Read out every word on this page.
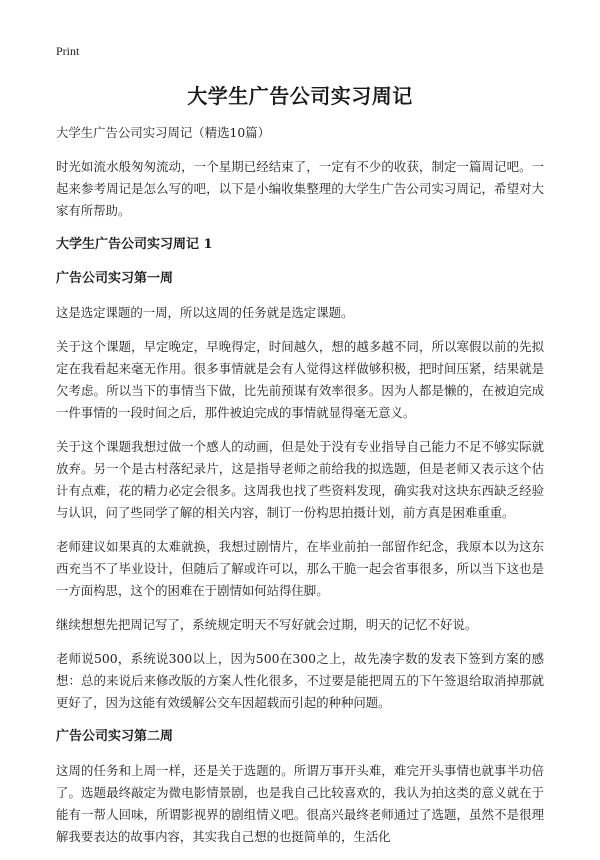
Print
大学生广告公司实习周记

大学生广告公司实习周记（精选10篇）

时光如流水般匆匆流动，一个星期已经结束了，一定有不少的收获，制定一篇周记吧。一起来参考周记是怎么写的吧，以下是小编收集整理的大学生广告公司实习周记，希望对大家有所帮助。

大学生广告公司实习周记 1
广告公司实习第一周

这是选定课题的一周，所以这周的任务就是选定课题。

关于这个课题，早定晚定，早晚得定，时间越久，想的越多越不同，所以寒假以前的先拟定在我看起来毫无作用。很多事情就是会有人觉得这样做够积极，把时间压紧，结果就是欠考虑。所以当下的事情当下做，比先前预谋有效率很多。因为人都是懒的，在被迫完成一件事情的一段时间之后，那件被迫完成的事情就显得毫无意义。

关于这个课题我想过做一个感人的动画，但是处于没有专业指导自己能力不足不够实际就放弃。另一个是古村落纪录片，这是指导老师之前给我的拟选题，但是老师又表示这个估计有点难，花的精力必定会很多。这周我也找了些资料发现，确实我对这块东西缺乏经验与认识，问了些同学了解的相关内容，制订一份构思拍摄计划，前方真是困难重重。

老师建议如果真的太难就换，我想过剧情片，在毕业前拍一部留作纪念，我原本以为这东西充当不了毕业设计，但随后了解或许可以，那么干脆一起会省事很多，所以当下这也是一方面构思，这个的困难在于剧情如何站得住脚。

继续想想先把周记写了，系统规定明天不写好就会过期，明天的记忆不好说。

老师说500，系统说300以上，因为500在300之上，故先凑字数的发表下签到方案的感想：总的来说后来修改版的方案人性化很多，不过要是能把周五的下午签退给取消掉那就更好了，因为这能有效缓解公交车因超载而引起的种种问题。

广告公司实习第二周

这周的任务和上周一样，还是关于选题的。所谓万事开头难，难完开头事情也就事半功倍了。选题最终敲定为微电影情景剧，也是我自己比较喜欢的，我认为拍这类的意义就在于能有一帮人回味，所谓影视界的剧组情义吧。很高兴最终老师通过了选题，虽然不是很理解我要表达的故事内容，其实我自己想的也挺简单的，生活化
